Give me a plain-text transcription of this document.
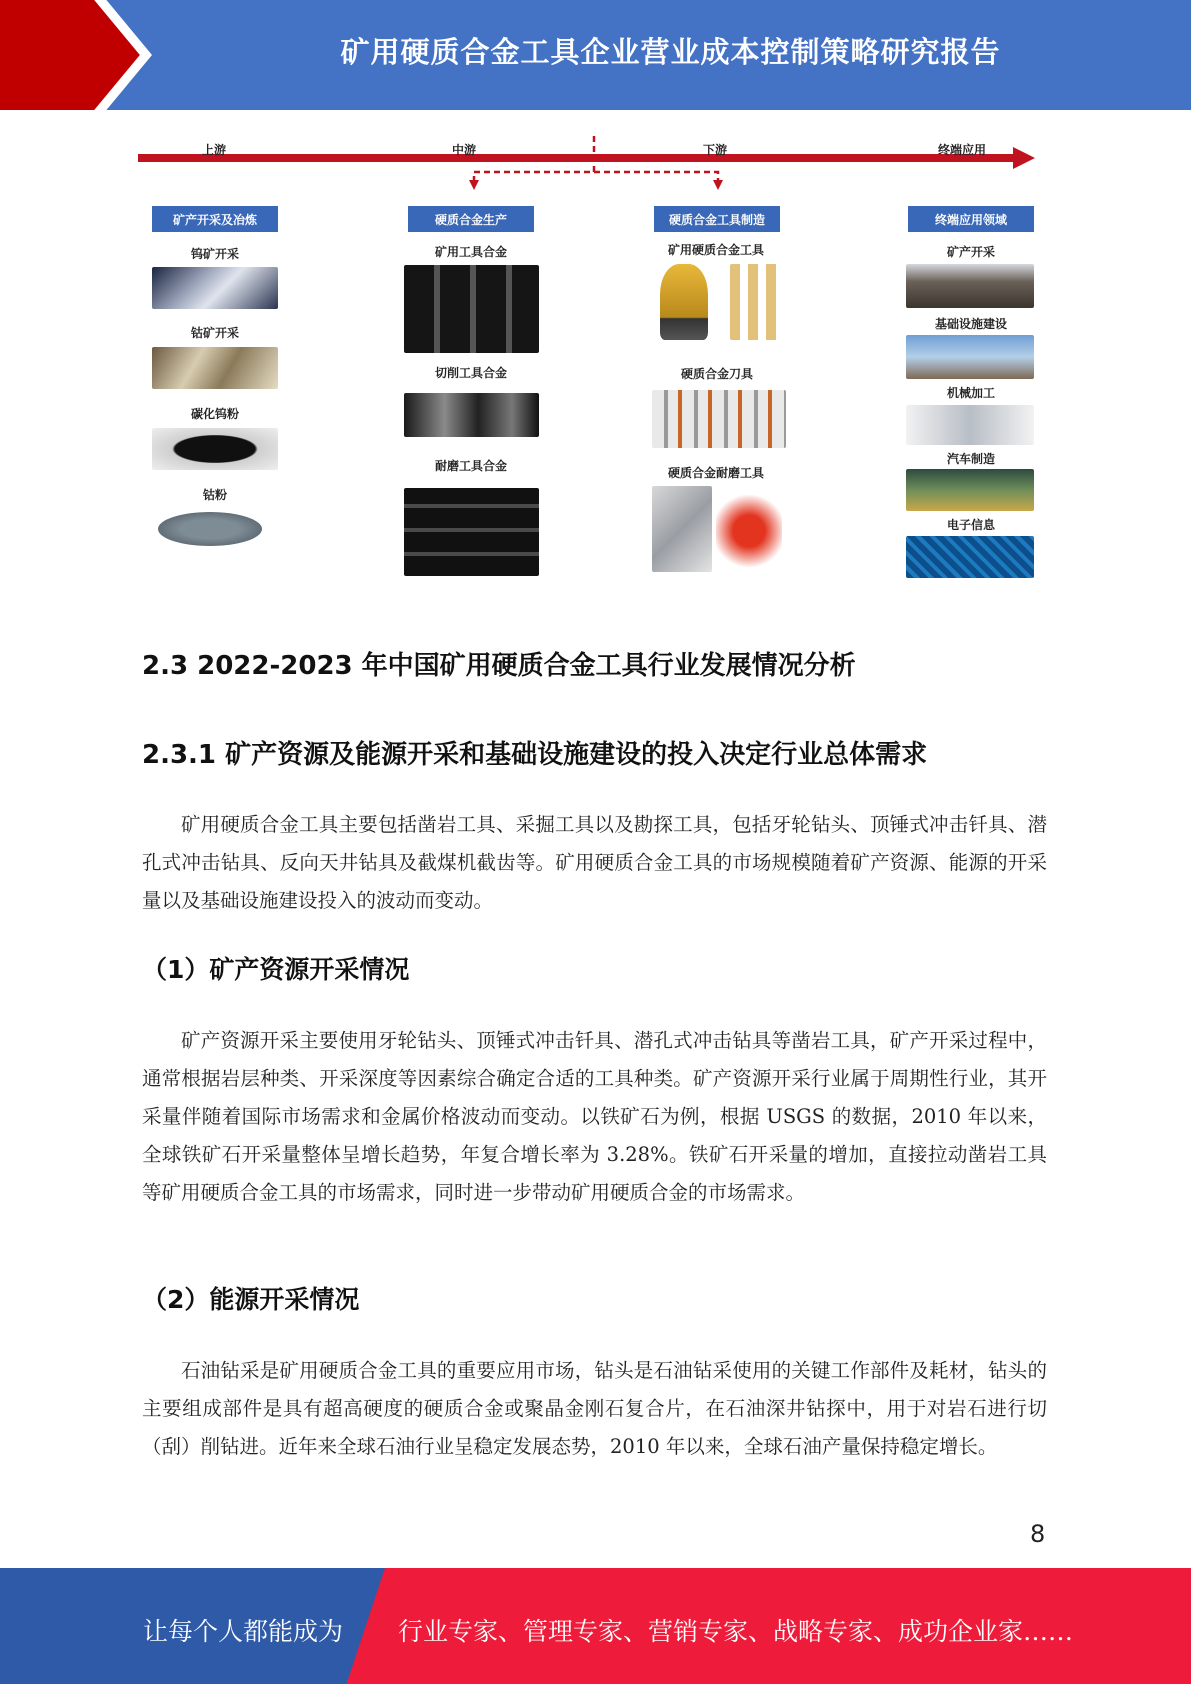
矿用硬质合金工具企业营业成本控制策略研究报告
上游	中游	下游	终端应用
矿产开采及冶炼
钨矿开采
钴矿开采
碳化钨粉
钴粉
硬质合金生产
矿用工具合金
切削工具合金
耐磨工具合金
硬质合金工具制造
矿用硬质合金工具
硬质合金刀具
硬质合金耐磨工具
终端应用领域
矿产开采
基础设施建设
机械加工
汽车制造
电子信息
2.3 2022-2023 年中国矿用硬质合金工具行业发展情况分析
2.3.1 矿产资源及能源开采和基础设施建设的投入决定行业总体需求
矿用硬质合金工具主要包括凿岩工具、采掘工具以及勘探工具，包括牙轮钻头、顶锤式冲击钎具、潜孔式冲击钻具、反向天井钻具及截煤机截齿等。矿用硬质合金工具的市场规模随着矿产资源、能源的开采量以及基础设施建设投入的波动而变动。
（1）矿产资源开采情况
矿产资源开采主要使用牙轮钻头、顶锤式冲击钎具、潜孔式冲击钻具等凿岩工具，矿产开采过程中，通常根据岩层种类、开采深度等因素综合确定合适的工具种类。矿产资源开采行业属于周期性行业，其开采量伴随着国际市场需求和金属价格波动而变动。以铁矿石为例，根据 USGS 的数据，2010 年以来，全球铁矿石开采量整体呈增长趋势，年复合增长率为 3.28%。铁矿石开采量的增加，直接拉动凿岩工具等矿用硬质合金工具的市场需求，同时进一步带动矿用硬质合金的市场需求。
（2）能源开采情况
石油钻采是矿用硬质合金工具的重要应用市场，钻头是石油钻采使用的关键工作部件及耗材，钻头的主要组成部件是具有超高硬度的硬质合金或聚晶金刚石复合片，在石油深井钻探中，用于对岩石进行切（刮）削钻进。近年来全球石油行业呈稳定发展态势，2010 年以来，全球石油产量保持稳定增长。
8
让每个人都能成为 行业专家、管理专家、营销专家、战略专家、成功企业家……
